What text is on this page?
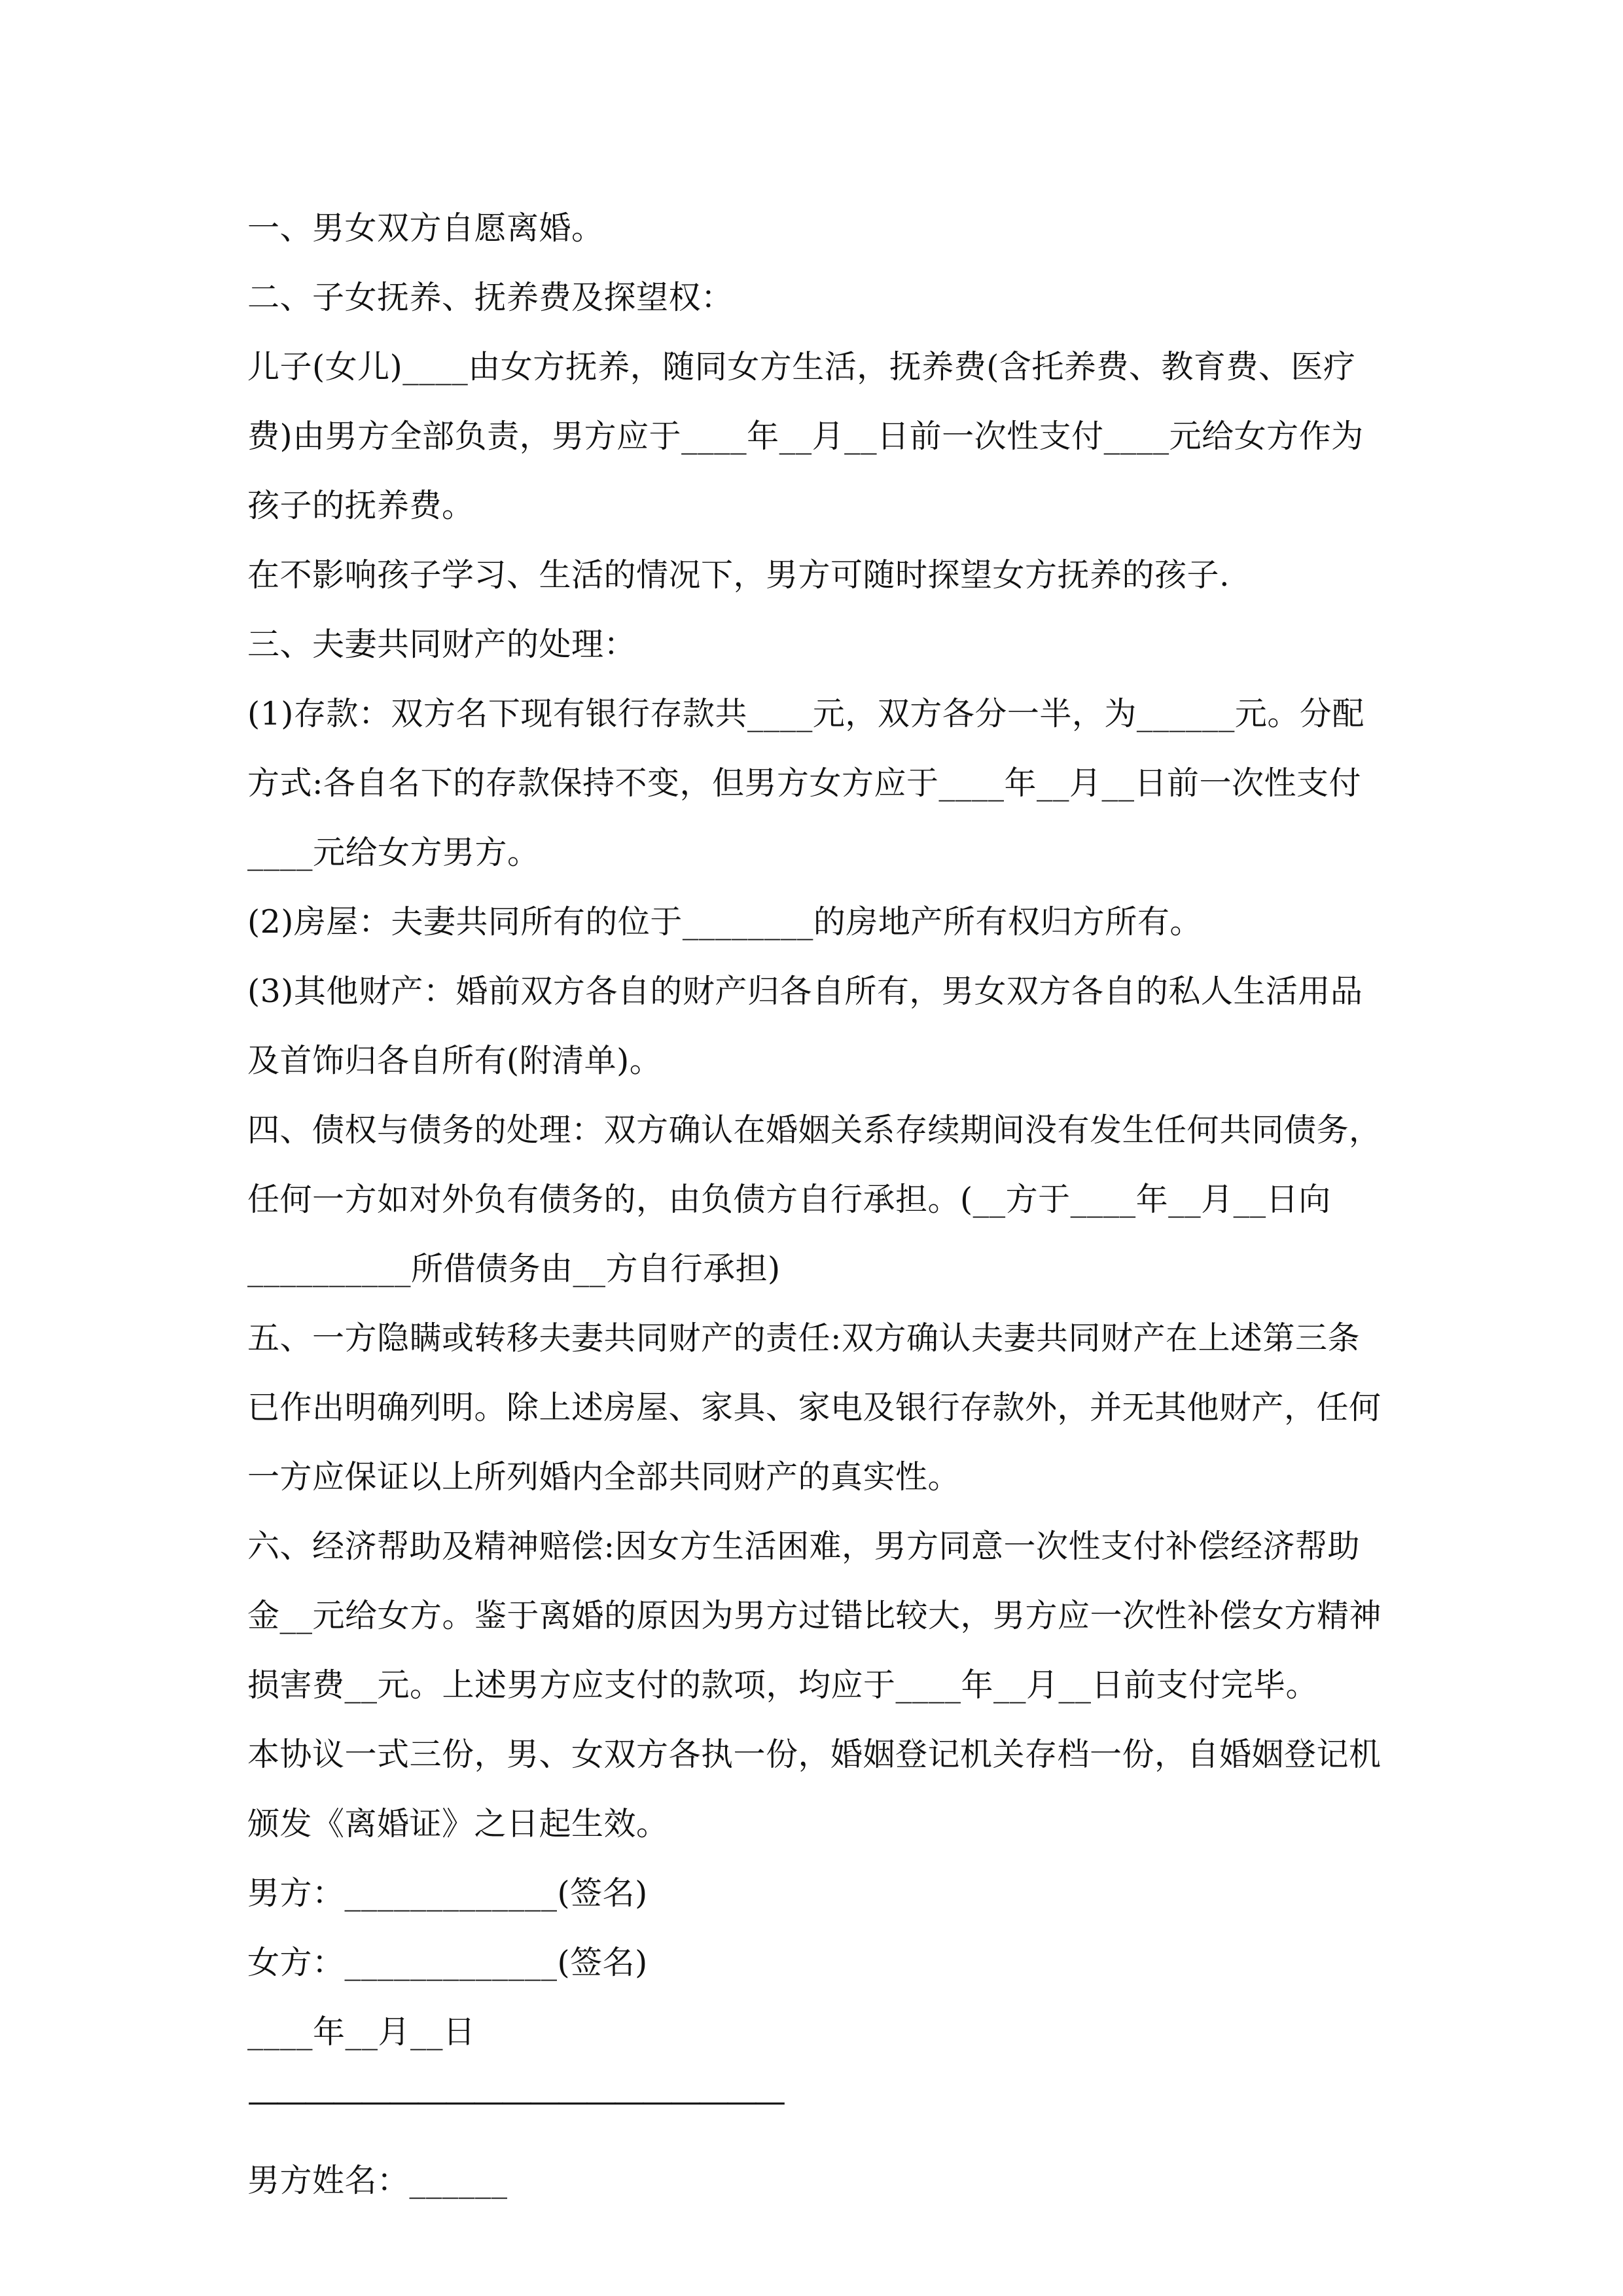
一、男女双方自愿离婚。
二、子女抚养、抚养费及探望权：
儿子(女儿)____由女方抚养，随同女方生活，抚养费(含托养费、教育费、医疗
费)由男方全部负责，男方应于____年__月__日前一次性支付____元给女方作为
孩子的抚养费。
在不影响孩子学习、生活的情况下，男方可随时探望女方抚养的孩子.
三、夫妻共同财产的处理：
(1)存款：双方名下现有银行存款共____元，双方各分一半，为______元。分配
方式:各自名下的存款保持不变，但男方女方应于____年__月__日前一次性支付
____元给女方男方。
(2)房屋：夫妻共同所有的位于________的房地产所有权归方所有。
(3)其他财产：婚前双方各自的财产归各自所有，男女双方各自的私人生活用品
及首饰归各自所有(附清单)。
四、债权与债务的处理：双方确认在婚姻关系存续期间没有发生任何共同债务，
任何一方如对外负有债务的，由负债方自行承担。(__方于____年__月__日向
__________所借债务由__方自行承担)
五、一方隐瞒或转移夫妻共同财产的责任:双方确认夫妻共同财产在上述第三条
已作出明确列明。除上述房屋、家具、家电及银行存款外，并无其他财产，任何
一方应保证以上所列婚内全部共同财产的真实性。
六、经济帮助及精神赔偿:因女方生活困难，男方同意一次性支付补偿经济帮助
金__元给女方。鉴于离婚的原因为男方过错比较大，男方应一次性补偿女方精神
损害费__元。上述男方应支付的款项，均应于____年__月__日前支付完毕。
本协议一式三份，男、女双方各执一份，婚姻登记机关存档一份，自婚姻登记机
颁发《离婚证》之日起生效。
男方：_____________(签名)
女方：_____________(签名)
____年__月__日
———————————————————
男方姓名：______
